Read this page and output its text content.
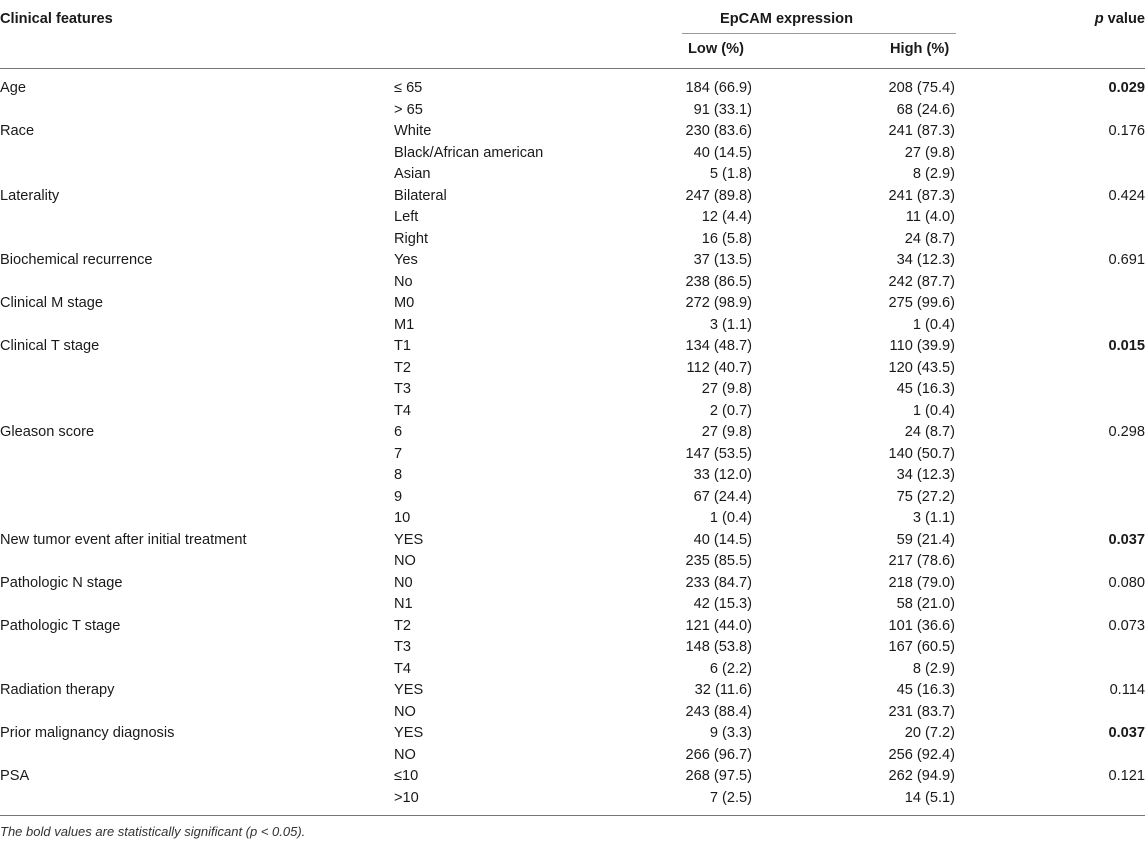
Clinical features	EpCAM expression	p value
Low (%)	High (%)
Age	≤ 65	184 (66.9)	208 (75.4)	0.029
> 65	91 (33.1)	68 (24.6)
Race	White	230 (83.6)	241 (87.3)	0.176
Black/African american	40 (14.5)	27 (9.8)
Asian	5 (1.8)	8 (2.9)
Laterality	Bilateral	247 (89.8)	241 (87.3)	0.424
Left	12 (4.4)	11 (4.0)
Right	16 (5.8)	24 (8.7)
Biochemical recurrence	Yes	37 (13.5)	34 (12.3)	0.691
No	238 (86.5)	242 (87.7)
Clinical M stage	M0	272 (98.9)	275 (99.6)
M1	3 (1.1)	1 (0.4)
Clinical T stage	T1	134 (48.7)	110 (39.9)	0.015
T2	112 (40.7)	120 (43.5)
T3	27 (9.8)	45 (16.3)
T4	2 (0.7)	1 (0.4)
Gleason score	6	27 (9.8)	24 (8.7)	0.298
7	147 (53.5)	140 (50.7)
8	33 (12.0)	34 (12.3)
9	67 (24.4)	75 (27.2)
10	1 (0.4)	3 (1.1)
New tumor event after initial treatment	YES	40 (14.5)	59 (21.4)	0.037
NO	235 (85.5)	217 (78.6)
Pathologic N stage	N0	233 (84.7)	218 (79.0)	0.080
N1	42 (15.3)	58 (21.0)
Pathologic T stage	T2	121 (44.0)	101 (36.6)	0.073
T3	148 (53.8)	167 (60.5)
T4	6 (2.2)	8 (2.9)
Radiation therapy	YES	32 (11.6)	45 (16.3)	0.114
NO	243 (88.4)	231 (83.7)
Prior malignancy diagnosis	YES	9 (3.3)	20 (7.2)	0.037
NO	266 (96.7)	256 (92.4)
PSA	≤10	268 (97.5)	262 (94.9)	0.121
>10	7 (2.5)	14 (5.1)
The bold values are statistically significant (p < 0.05).
